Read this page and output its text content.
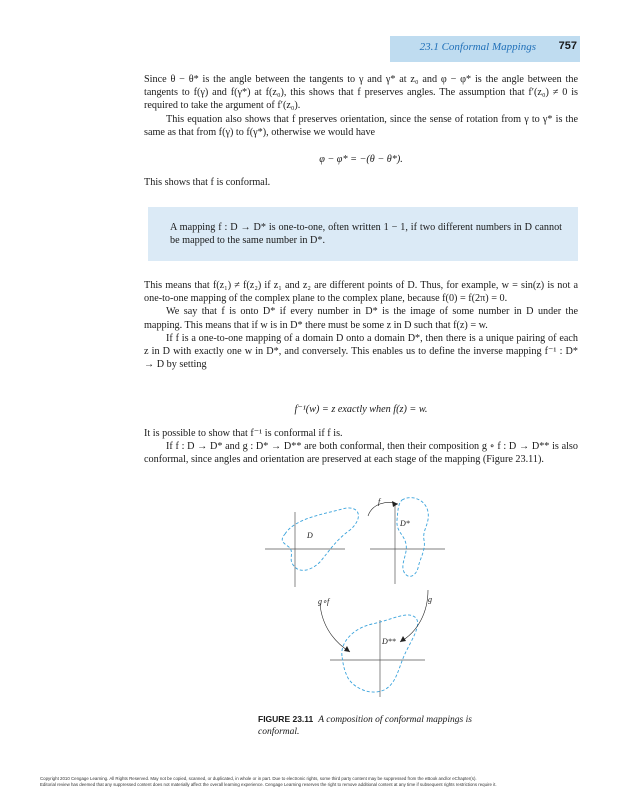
23.1 Conformal Mappings	757

Since θ − θ* is the angle between the tangents to γ and γ* at z₀ and φ − φ* is the angle between the tangents to f(γ) and f(γ*) at f(z₀), this shows that f preserves angles. The assumption that f′(z₀) ≠ 0 is required to take the argument of f′(z₀).

This equation also shows that f preserves orientation, since the sense of rotation from γ to γ* is the same as that from f(γ) to f(γ*), otherwise we would have

φ − φ* = −(θ − θ*).

This shows that f is conformal.

A mapping f : D → D* is one-to-one, often written 1 − 1, if two different numbers in D cannot be mapped to the same number in D*.

This means that f(z₁) ≠ f(z₂) if z₁ and z₂ are different points of D. Thus, for example, w = sin(z) is not a one-to-one mapping of the complex plane to the complex plane, because f(0) = f(2π) = 0.

We say that f is onto D* if every number in D* is the image of some number in D under the mapping. This means that if w is in D* there must be some z in D such that f(z) = w.

If f is a one-to-one mapping of a domain D onto a domain D*, then there is a unique pairing of each z in D with exactly one w in D*, and conversely. This enables us to define the inverse mapping f⁻¹ : D* → D by setting

f⁻¹(w) = z exactly when f(z) = w.

It is possible to show that f⁻¹ is conformal if f is.

If f : D → D* and g : D* → D** are both conformal, then their composition g ∘ f : D → D** is also conformal, since angles and orientation are preserved at each stage of the mapping (Figure 23.11).

f
g
g∘f
D
D*
D**
FIGURE 23.11 A composition of conformal mappings is conformal.
Copyright 2010 Cengage Learning. All Rights Reserved. May not be copied, scanned, or duplicated, in whole or in part. Due to electronic rights, some third party content may be suppressed from the eBook and/or eChapter(s).
Editorial review has deemed that any suppressed content does not materially affect the overall learning experience. Cengage Learning reserves the right to remove additional content at any time if subsequent rights restrictions require it.
